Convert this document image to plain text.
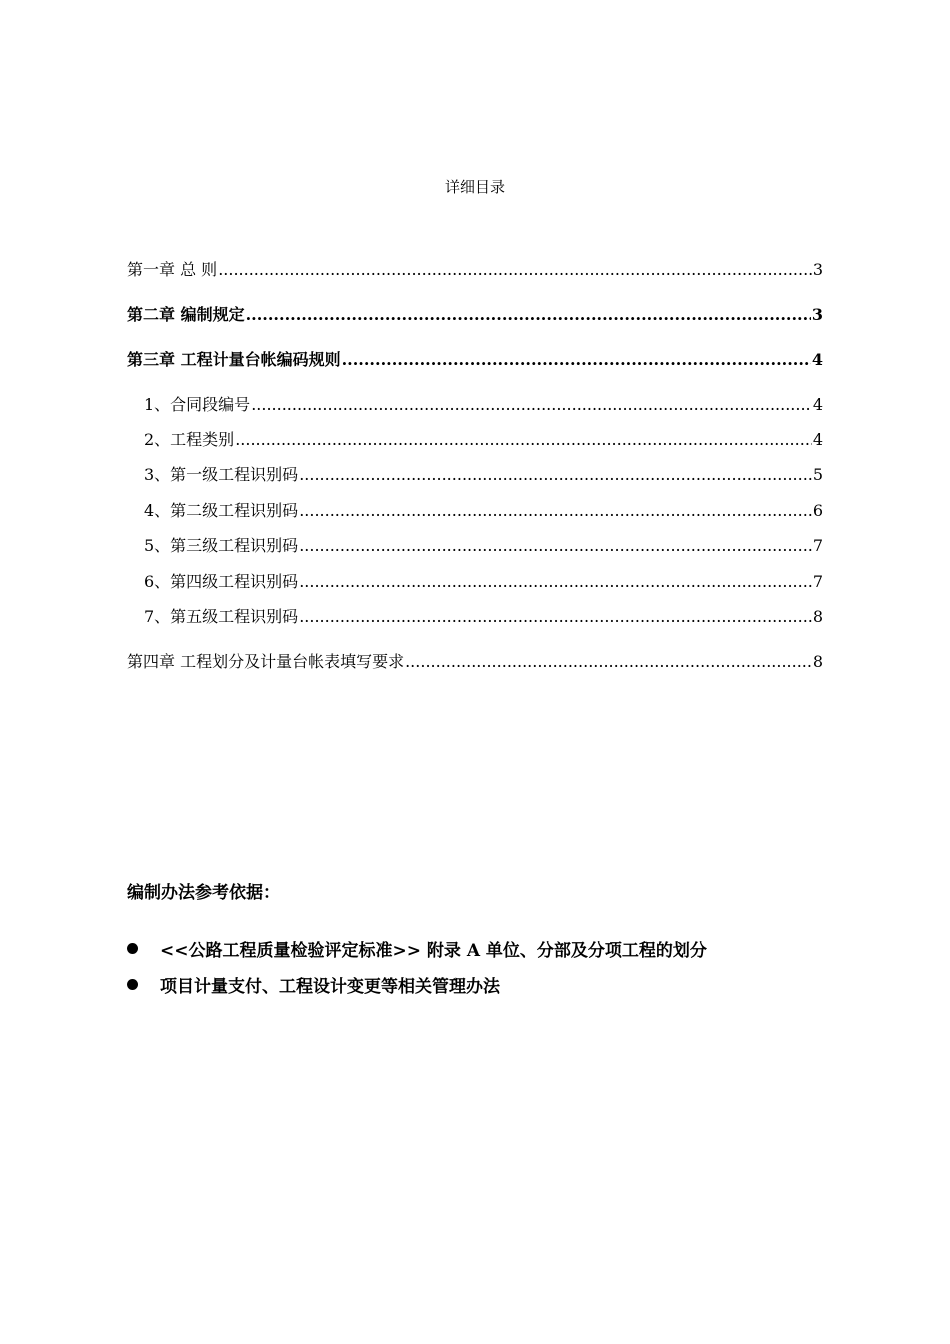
详细目录
第一章 总 则 .....	3
第二章 编制规定 .....	3
第三章 工程计量台帐编码规则 .....	4
1、合同段编号 .....	4
2、工程类别 .....	4
3、第一级工程识别码 .....	5
4、第二级工程识别码 .....	6
5、第三级工程识别码 .....	7
6、第四级工程识别码 .....	7
7、第五级工程识别码 .....	8
第四章 工程划分及计量台帐表填写要求 .....	8
编制办法参考依据：
<<公路工程质量检验评定标准>> 附录 A 单位、分部及分项工程的划分
项目计量支付、工程设计变更等相关管理办法
